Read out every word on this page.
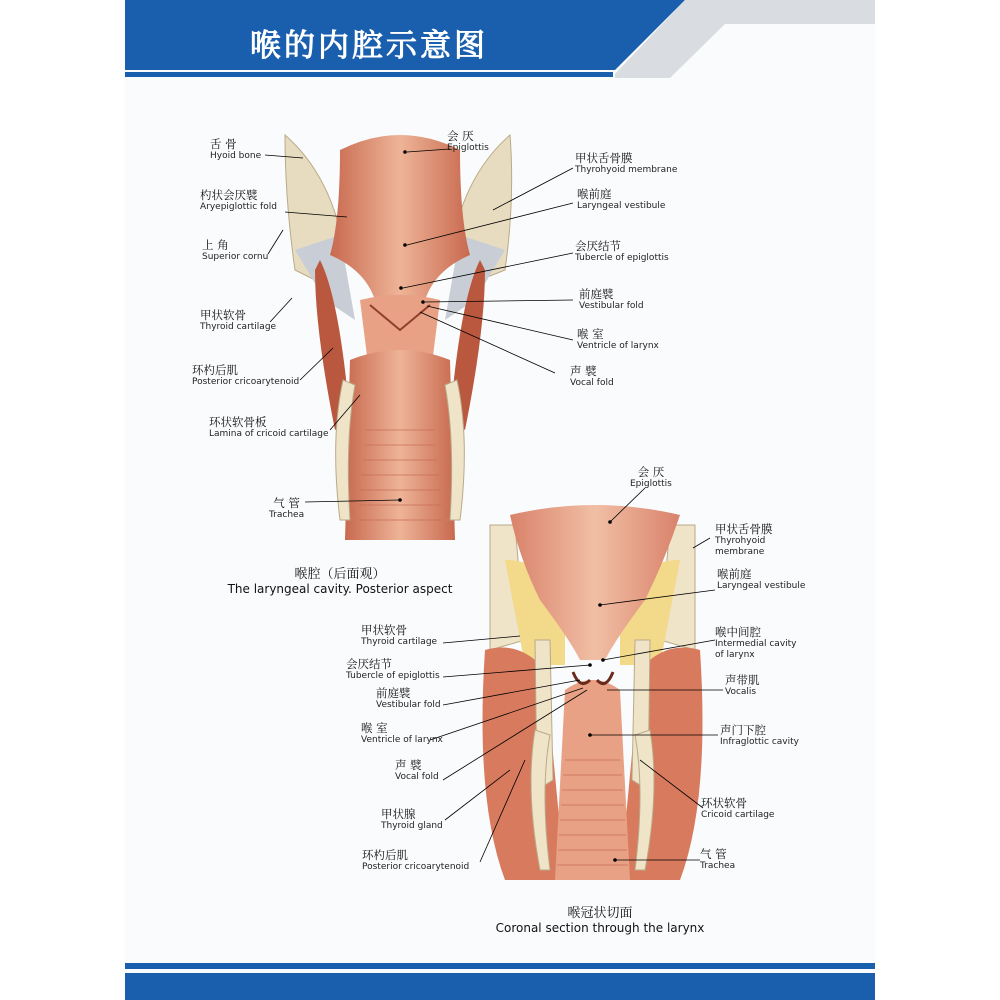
喉的内腔示意图
舌 骨
Hyoid bone
杓状会厌襞
Aryepiglottic fold
上 角
Superior cornu
甲状软骨
Thyroid cartilage
环杓后肌
Posterior cricoarytenoid
环状软骨板
Lamina of cricoid cartilage
气 管
Trachea
会 厌
Epiglottis
甲状舌骨膜
Thyrohyoid membrane
喉前庭
Laryngeal vestibule
会厌结节
Tubercle of epiglottis
前庭襞
Vestibular fold
喉 室
Ventricle of larynx
声 襞
Vocal fold
喉腔（后面观）
The laryngeal cavity. Posterior aspect
会 厌
Epiglottis
甲状舌骨膜
Thyrohyoid
membrane
喉前庭
Laryngeal vestibule
喉中间腔
Intermedial cavity
of larynx
声带肌
Vocalis
声门下腔
Infraglottic cavity
环状软骨
Cricoid cartilage
气 管
Trachea
甲状软骨
Thyroid cartilage
会厌结节
Tubercle of epiglottis
前庭襞
Vestibular fold
喉 室
Ventricle of larynx
声 襞
Vocal fold
甲状腺
Thyroid gland
环杓后肌
Posterior cricoarytenoid
喉冠状切面
Coronal section through the larynx
